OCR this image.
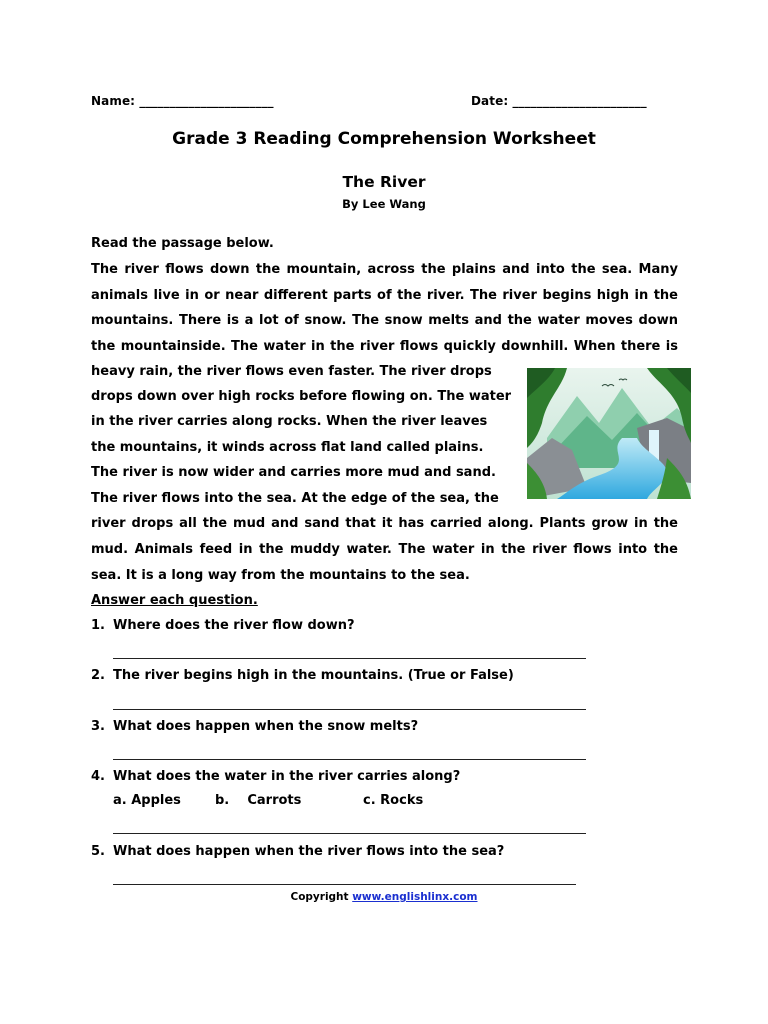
Name: ______________________	Date: ______________________
Grade 3 Reading Comprehension Worksheet
The River
By Lee Wang
Read the passage below.
The river flows down the mountain, across the plains and into the sea. Many
animals live in or near different parts of the river. The river begins high in the
mountains. There is a lot of snow. The snow melts and the water moves down
the mountainside. The water in the river flows quickly downhill. When there is
heavy rain, the river flows even faster. The river drops
drops down over high rocks before flowing on. The water
in the river carries along rocks. When the river leaves
the mountains, it winds across flat land called plains.
The river is now wider and carries more mud and sand.
The river flows into the sea. At the edge of the sea, the
river drops all the mud and sand that it has carried along. Plants grow in the
mud. Animals feed in the muddy water. The water in the river flows into the
sea. It is a long way from the mountains to the sea.
Answer each question.
1. Where does the river flow down?
2. The river begins high in the mountains. (True or False)
3. What does happen when the snow melts?
4. What does the water in the river carries along?
a. Apples	b.    Carrots	c. Rocks
5. What does happen when the river flows into the sea?
Copyright www.englishlinx.com
